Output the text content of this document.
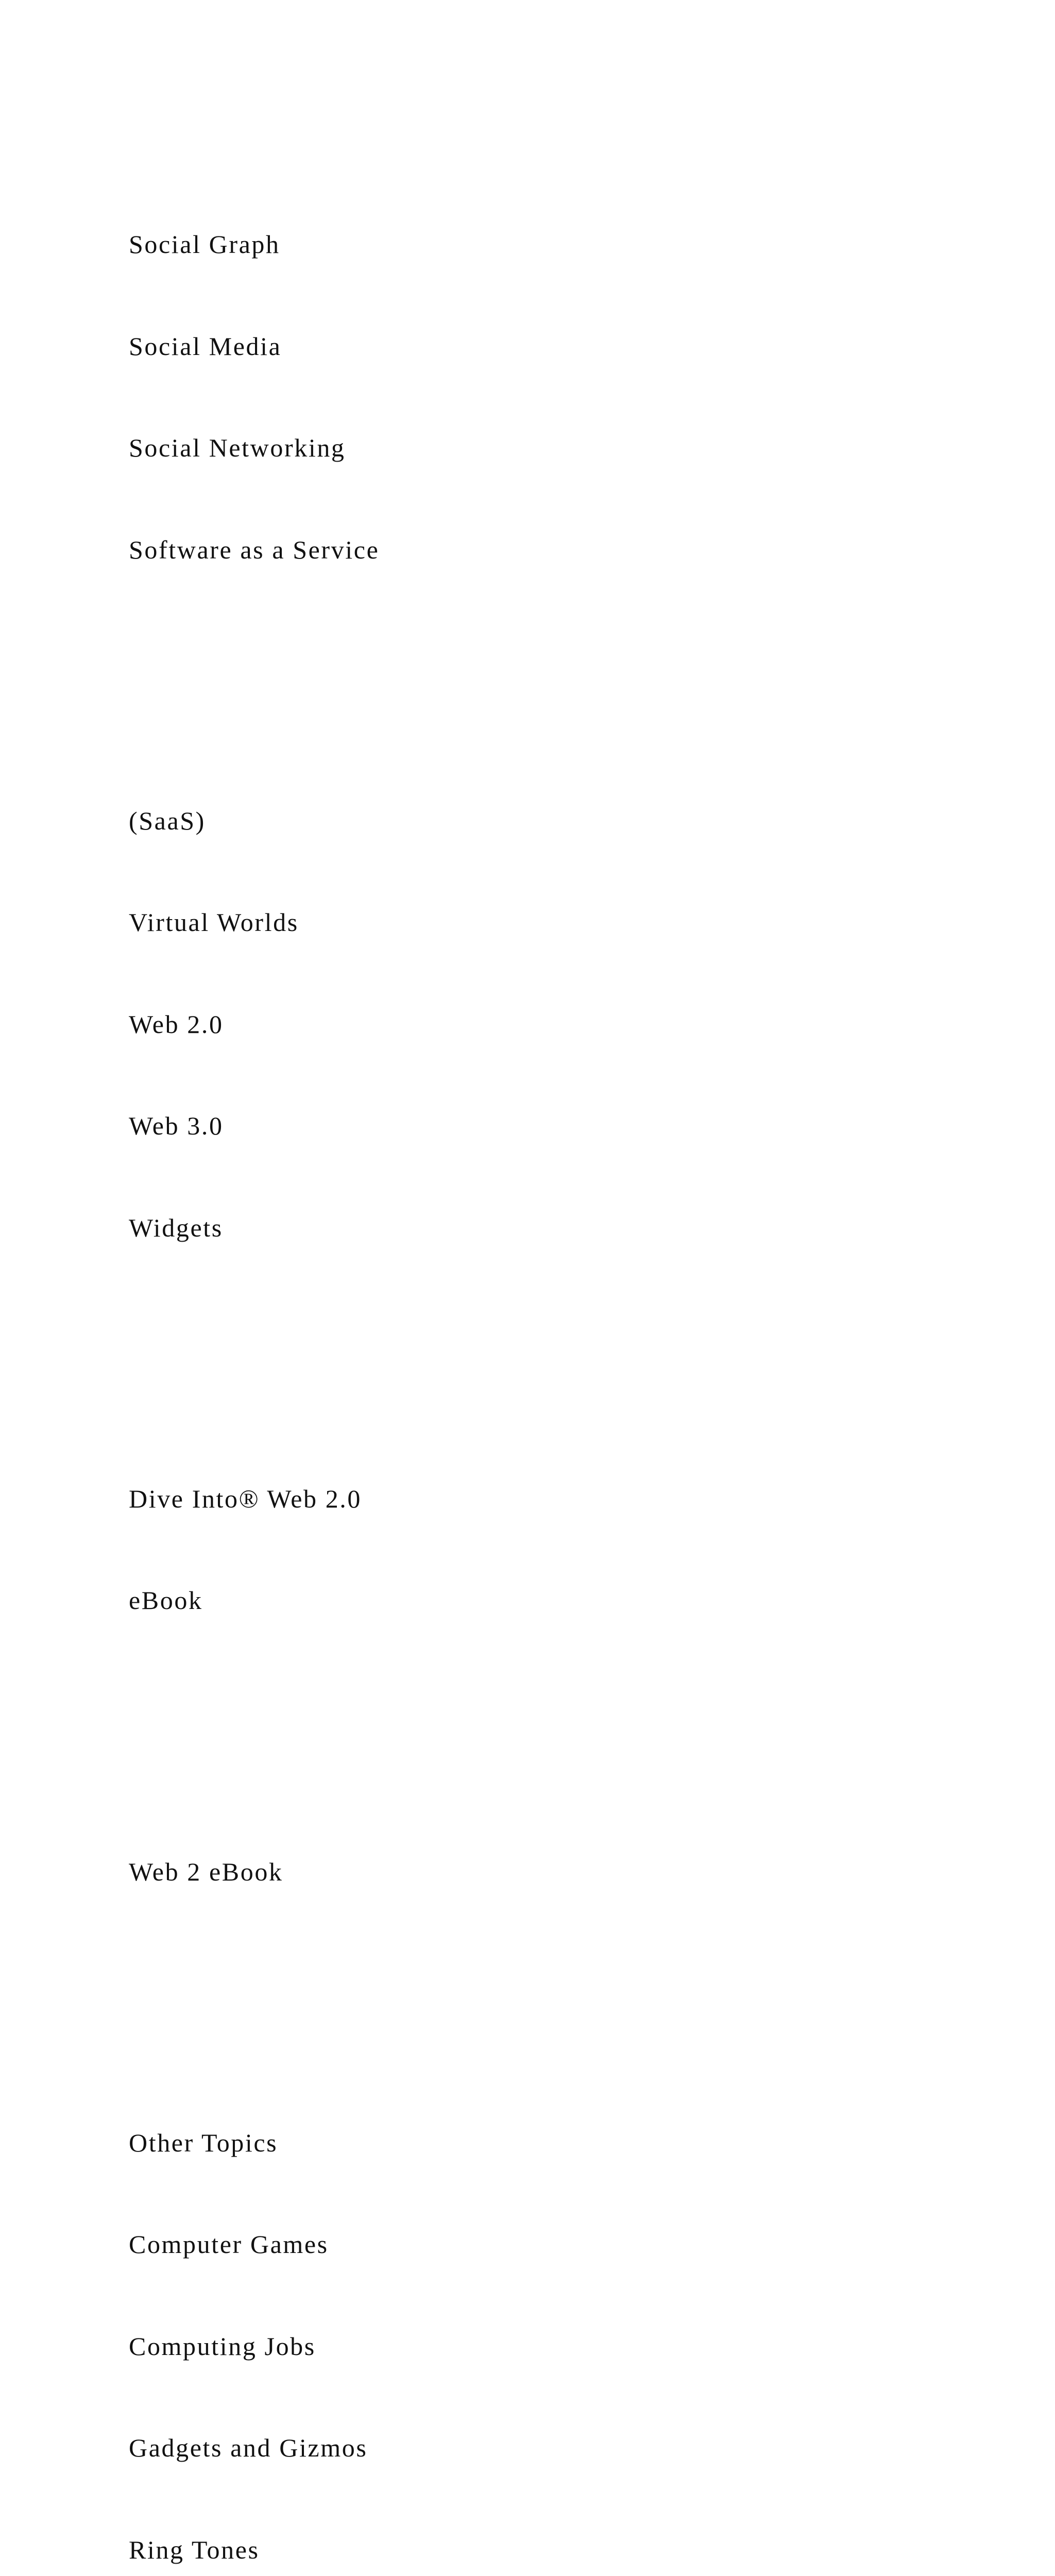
Social Graph

Social Media

Social Networking

Software as a Service

(SaaS)

Virtual Worlds

Web 2.0

Web 3.0

Widgets

Dive Into® Web 2.0

eBook

Web 2 eBook

Other Topics

Computer Games

Computing Jobs

Gadgets and Gizmos

Ring Tones
